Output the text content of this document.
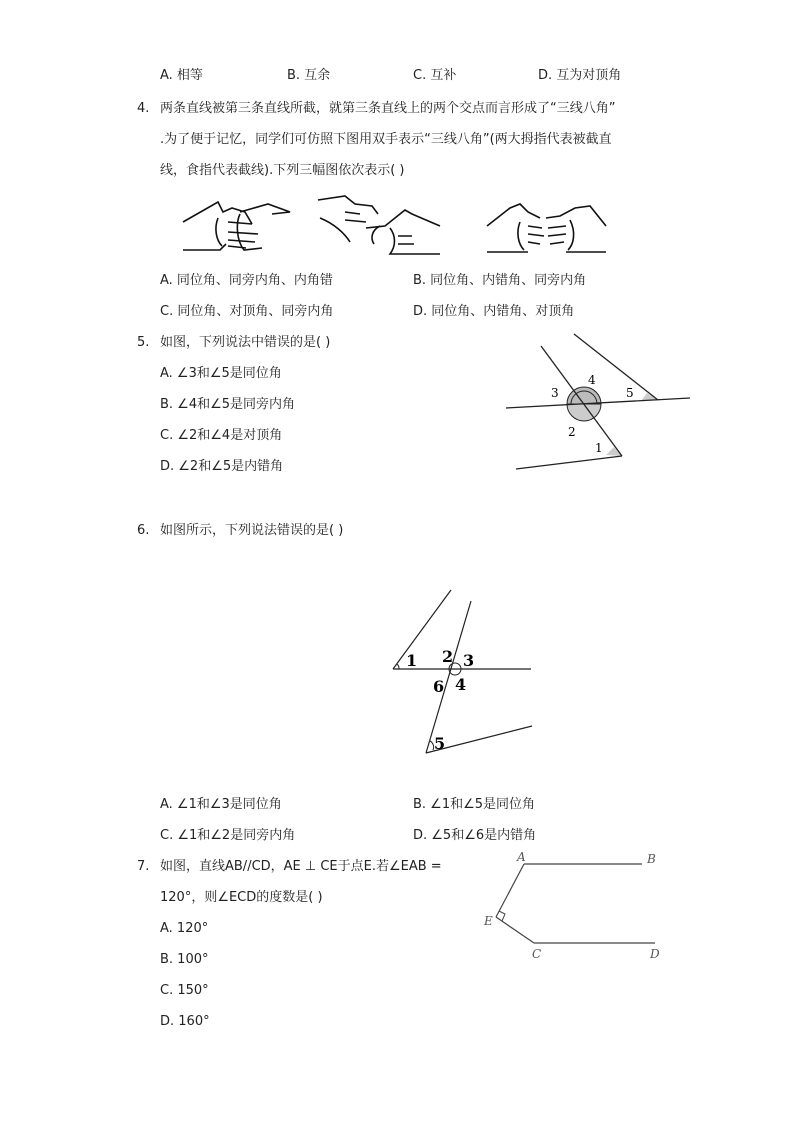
A. 相等	B. 互余	C. 互补	D. 互为对顶角
4. 两条直线被第三条直线所截，就第三条直线上的两个交点而言形成了“三线八角”
.为了便于记忆，同学们可仿照下图用双手表示“三线八角”(两大拇指代表被截直
线，食指代表截线).下列三幅图依次表示( )
3
4
5
2
1
1 2 3
6 4
5
A	B
E
C	D
A. 同位角、同旁内角、内角错	B. 同位角、内错角、同旁内角
C. 同位角、对顶角、同旁内角	D. 同位角、内错角、对顶角
5. 如图，下列说法中错误的是( )
A. ∠3和∠5是同位角
B. ∠4和∠5是同旁内角
C. ∠2和∠4是对顶角
D. ∠2和∠5是内错角
6. 如图所示，下列说法错误的是( )
A. ∠1和∠3是同位角	B. ∠1和∠5是同位角
C. ∠1和∠2是同旁内角	D. ∠5和∠6是内错角
7. 如图，直线AB//CD，AE ⊥ CE于点E.若∠EAB =
120°，则∠ECD的度数是( )
A. 120°
B. 100°
C. 150°
D. 160°
